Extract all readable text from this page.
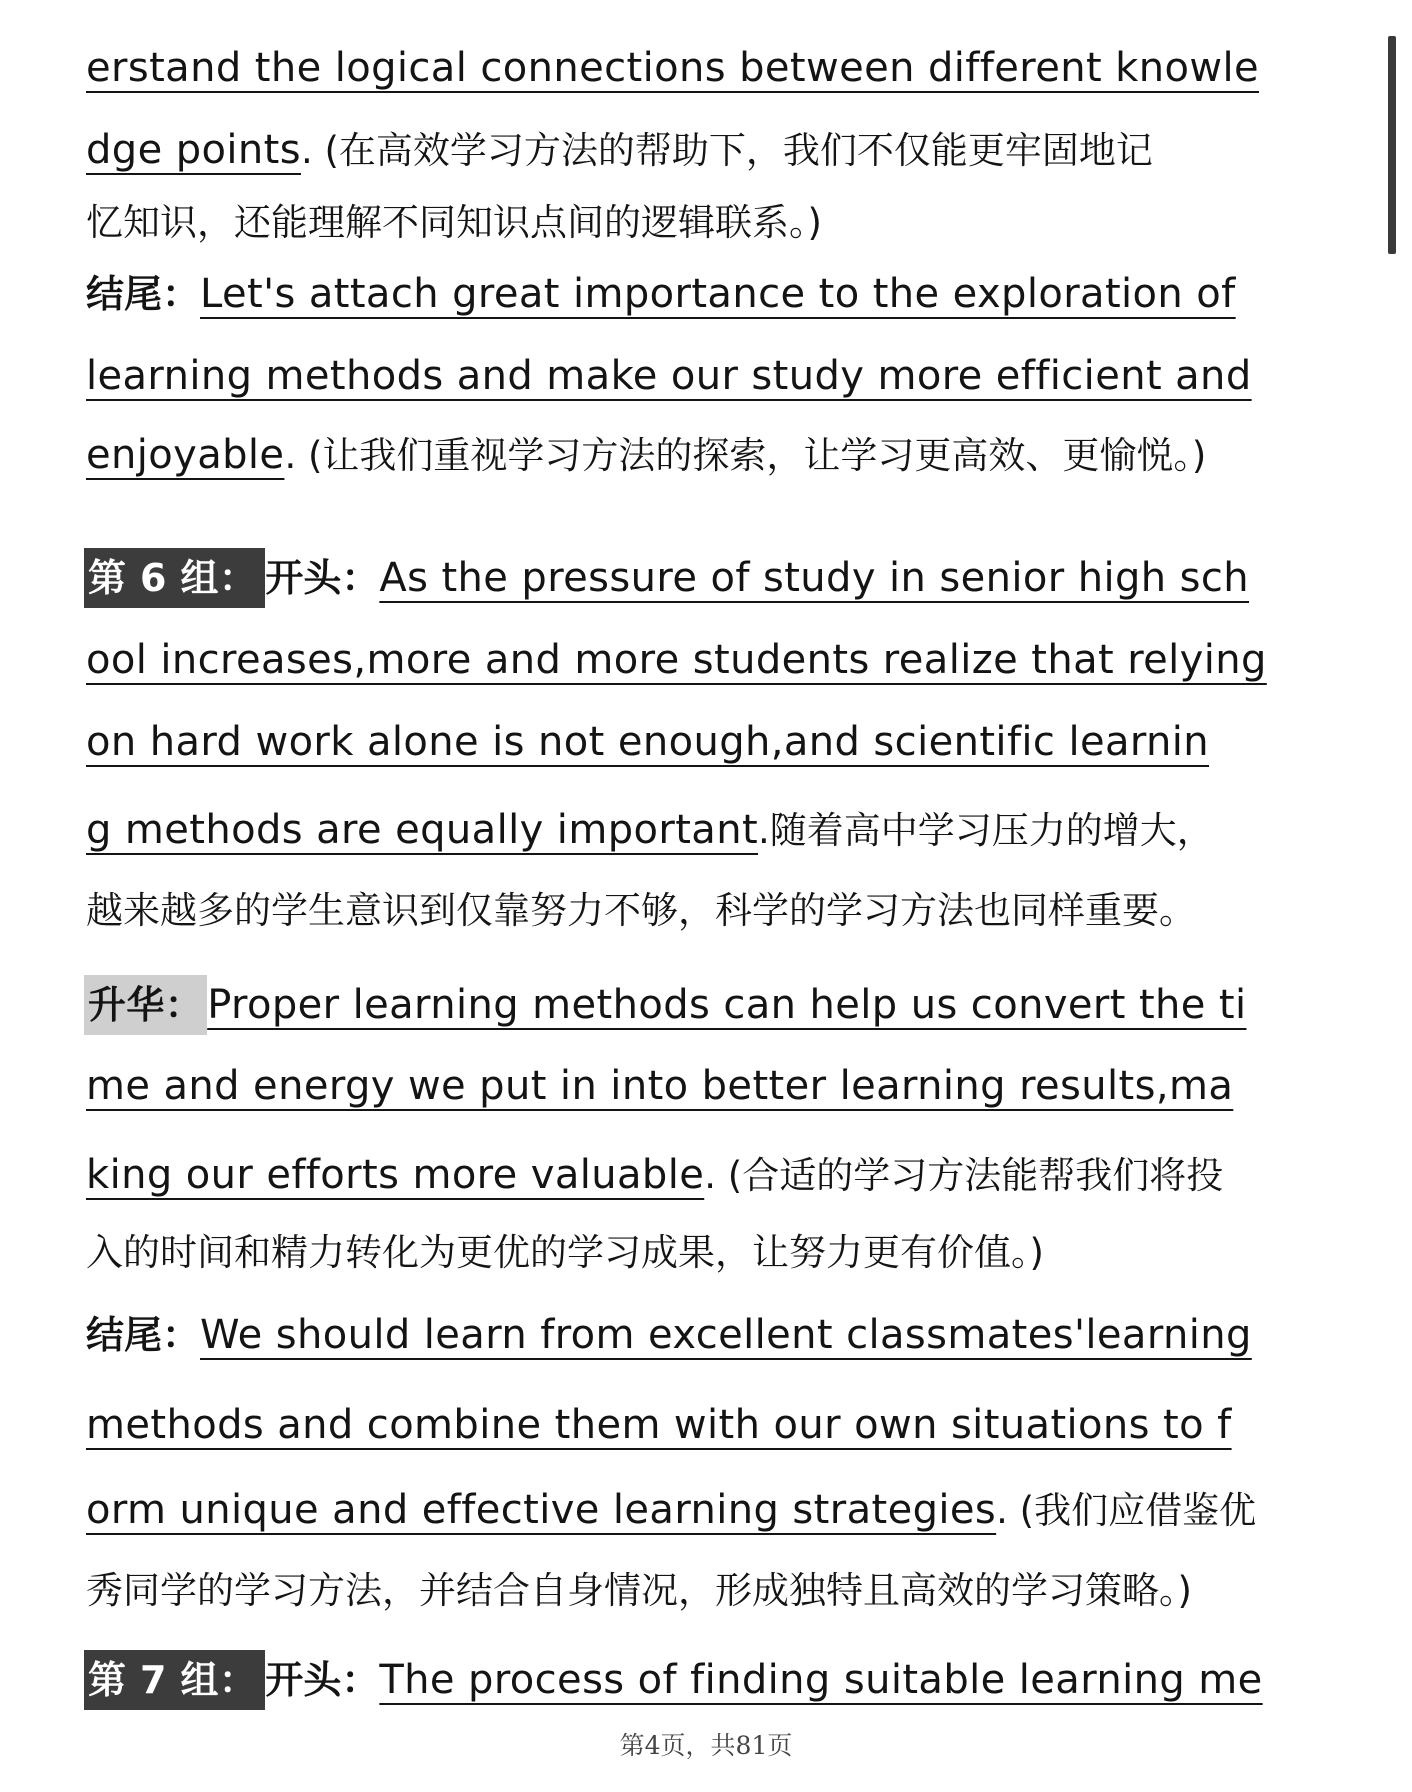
erstand the logical connections between different knowle
dge points. (在高效学习方法的帮助下，我们不仅能更牢固地记
忆知识，还能理解不同知识点间的逻辑联系。)
结尾：Let's attach great importance to the exploration of
learning methods and make our study more efficient and
enjoyable. (让我们重视学习方法的探索，让学习更高效、更愉悦。)
第 6 组： 开头：As the pressure of study in senior high sch
ool increases,more and more students realize that relying
on hard work alone is not enough,and scientific learnin
g methods are equally important.随着高中学习压力的增大，
越来越多的学生意识到仅靠努力不够，科学的学习方法也同样重要。
升华： Proper learning methods can help us convert the ti
me and energy we put in into better learning results,ma
king our efforts more valuable. (合适的学习方法能帮我们将投
入的时间和精力转化为更优的学习成果，让努力更有价值。)
结尾：We should learn from excellent classmates'learning
methods and combine them with our own situations to f
orm unique and effective learning strategies. (我们应借鉴优
秀同学的学习方法，并结合自身情况，形成独特且高效的学习策略。)
第 7 组： 开头：The process of finding suitable learning me
第4页，共81页
